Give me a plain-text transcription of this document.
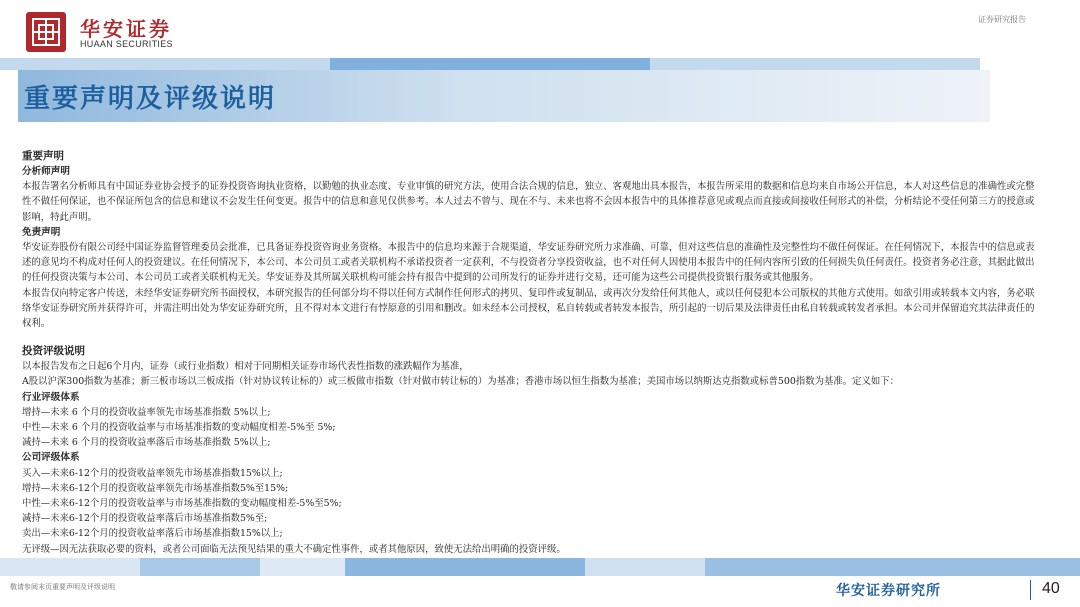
华安证券
HUAAN SECURITIES
证券研究报告
重要声明及评级说明

重要声明

分析师声明

本报告署名分析师具有中国证券业协会授予的证券投资咨询执业资格，以勤勉的执业态度、专业审慎的研究方法，使用合法合规的信息，独立、客观地出具本报告，本报告所采用的数据和信息均来自市场公开信息，本人对这些信息的准确性或完整性不做任何保证，也不保证所包含的信息和建议不会发生任何变更。报告中的信息和意见仅供参考。本人过去不曾与、现在不与、未来也将不会因本报告中的具体推荐意见或观点而直接或间接收任何形式的补偿，分析结论不受任何第三方的授意或影响，特此声明。

免责声明

华安证券股份有限公司经中国证券监督管理委员会批准，已具备证券投资咨询业务资格。本报告中的信息均来源于合规渠道，华安证券研究所力求准确、可靠，但对这些信息的准确性及完整性均不做任何保证。在任何情况下，本报告中的信息或表述的意见均不构成对任何人的投资建议。在任何情况下，本公司、本公司员工或者关联机构不承诺投资者一定获利，不与投资者分享投资收益，也不对任何人因使用本报告中的任何内容所引致的任何损失负任何责任。投资者务必注意，其据此做出的任何投资决策与本公司、本公司员工或者关联机构无关。华安证券及其所属关联机构可能会持有报告中提到的公司所发行的证券并进行交易，还可能为这些公司提供投资银行服务或其他服务。

本报告仅向特定客户传送，未经华安证券研究所书面授权，本研究报告的任何部分均不得以任何方式制作任何形式的拷贝、复印件或复制品，或再次分发给任何其他人，或以任何侵犯本公司版权的其他方式使用。如欲引用或转载本文内容，务必联络华安证券研究所并获得许可，并需注明出处为华安证券研究所，且不得对本文进行有悖原意的引用和删改。如未经本公司授权，私自转载或者转发本报告，所引起的一切后果及法律责任由私自转载或转发者承担。本公司并保留追究其法律责任的权利。

投资评级说明

以本报告发布之日起6个月内，证券（或行业指数）相对于同期相关证券市场代表性指数的涨跌幅作为基准，

A股以沪深300指数为基准；新三板市场以三板成指（针对协议转让标的）或三板做市指数（针对做市转让标的）为基准；香港市场以恒生指数为基准；美国市场以纳斯达克指数或标普500指数为基准。定义如下：

行业评级体系

增持—未来 6 个月的投资收益率领先市场基准指数 5%以上;

中性—未来 6 个月的投资收益率与市场基准指数的变动幅度相差-5%至 5%;

减持—未来 6 个月的投资收益率落后市场基准指数 5%以上;

公司评级体系

买入—未来6-12个月的投资收益率领先市场基准指数15%以上;

增持—未来6-12个月的投资收益率领先市场基准指数5%至15%;

中性—未来6-12个月的投资收益率与市场基准指数的变动幅度相差-5%至5%;

减持—未来6-12个月的投资收益率落后市场基准指数5%至;

卖出—未来6-12个月的投资收益率落后市场基准指数15%以上;

无评级—因无法获取必要的资料，或者公司面临无法预见结果的重大不确定性事件，或者其他原因，致使无法给出明确的投资评级。

敬请参阅末页重要声明及评级说明	华安证券研究所	40
